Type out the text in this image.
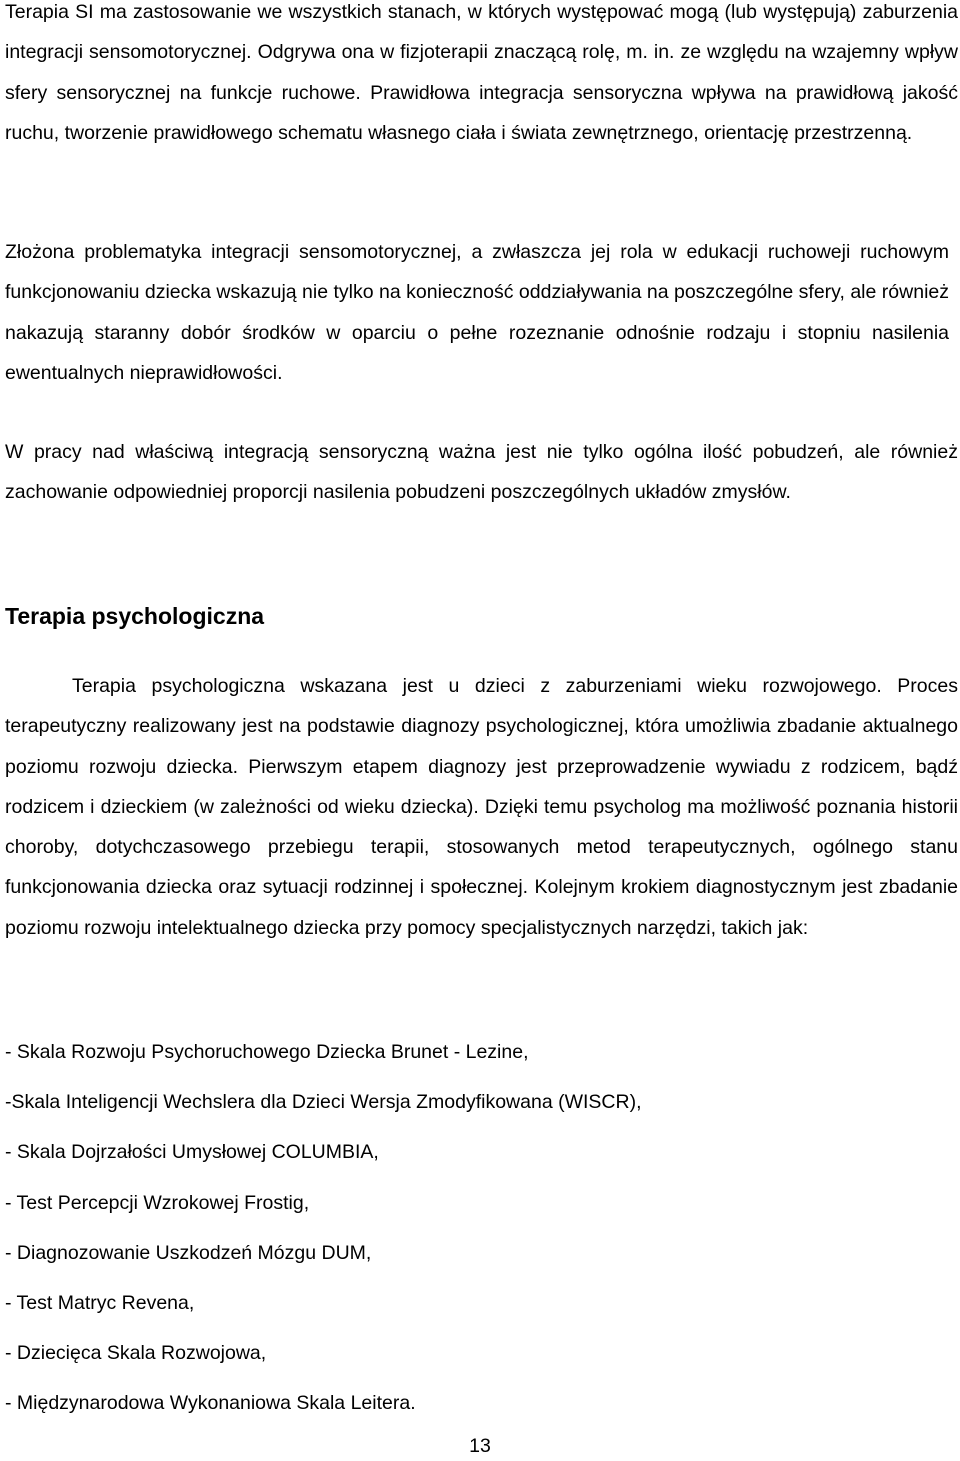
Terapia SI ma zastosowanie we wszystkich stanach, w których występować mogą (lub występują) zaburzenia integracji sensomotorycznej. Odgrywa ona w fizjoterapii znaczącą rolę, m. in. ze względu na wzajemny wpływ sfery sensorycznej na funkcje ruchowe. Prawidłowa integracja sensoryczna wpływa na prawidłową jakość ruchu, tworzenie prawidłowego schematu własnego ciała i świata zewnętrznego, orientację przestrzenną.

Złożona problematyka integracji sensomotorycznej, a zwłaszcza jej rola w edukacji ruchoweji ruchowym funkcjonowaniu dziecka wskazują nie tylko na konieczność oddziaływania na poszczególne sfery, ale również nakazują staranny dobór środków w oparciu o pełne rozeznanie odnośnie rodzaju i stopniu nasilenia ewentualnych nieprawidłowości.

W pracy nad właściwą integracją sensoryczną ważna jest nie tylko ogólna ilość pobudzeń, ale również zachowanie odpowiedniej proporcji nasilenia pobudzeni poszczególnych układów zmysłów.

Terapia psychologiczna

Terapia psychologiczna wskazana jest u dzieci z zaburzeniami wieku rozwojowego. Proces terapeutyczny realizowany jest na podstawie diagnozy psychologicznej, która umożliwia zbadanie aktualnego poziomu rozwoju dziecka. Pierwszym etapem diagnozy jest przeprowadzenie wywiadu z rodzicem, bądź rodzicem i dzieckiem (w zależności od wieku dziecka). Dzięki temu psycholog ma możliwość poznania historii choroby, dotychczasowego przebiegu terapii, stosowanych metod terapeutycznych, ogólnego stanu funkcjonowania dziecka oraz sytuacji rodzinnej i społecznej. Kolejnym krokiem diagnostycznym jest zbadanie poziomu rozwoju intelektualnego dziecka przy pomocy specjalistycznych narzędzi, takich jak:

- Skala Rozwoju Psychoruchowego Dziecka Brunet - Lezine,
-Skala Inteligencji Wechslera dla Dzieci Wersja Zmodyfikowana (WISCR),
- Skala Dojrzałości Umysłowej COLUMBIA,
- Test Percepcji Wzrokowej Frostig,
- Diagnozowanie Uszkodzeń Mózgu DUM,
- Test Matryc Revena,
- Dziecięca Skala Rozwojowa,
- Międzynarodowa Wykonaniowa Skala Leitera.
13
